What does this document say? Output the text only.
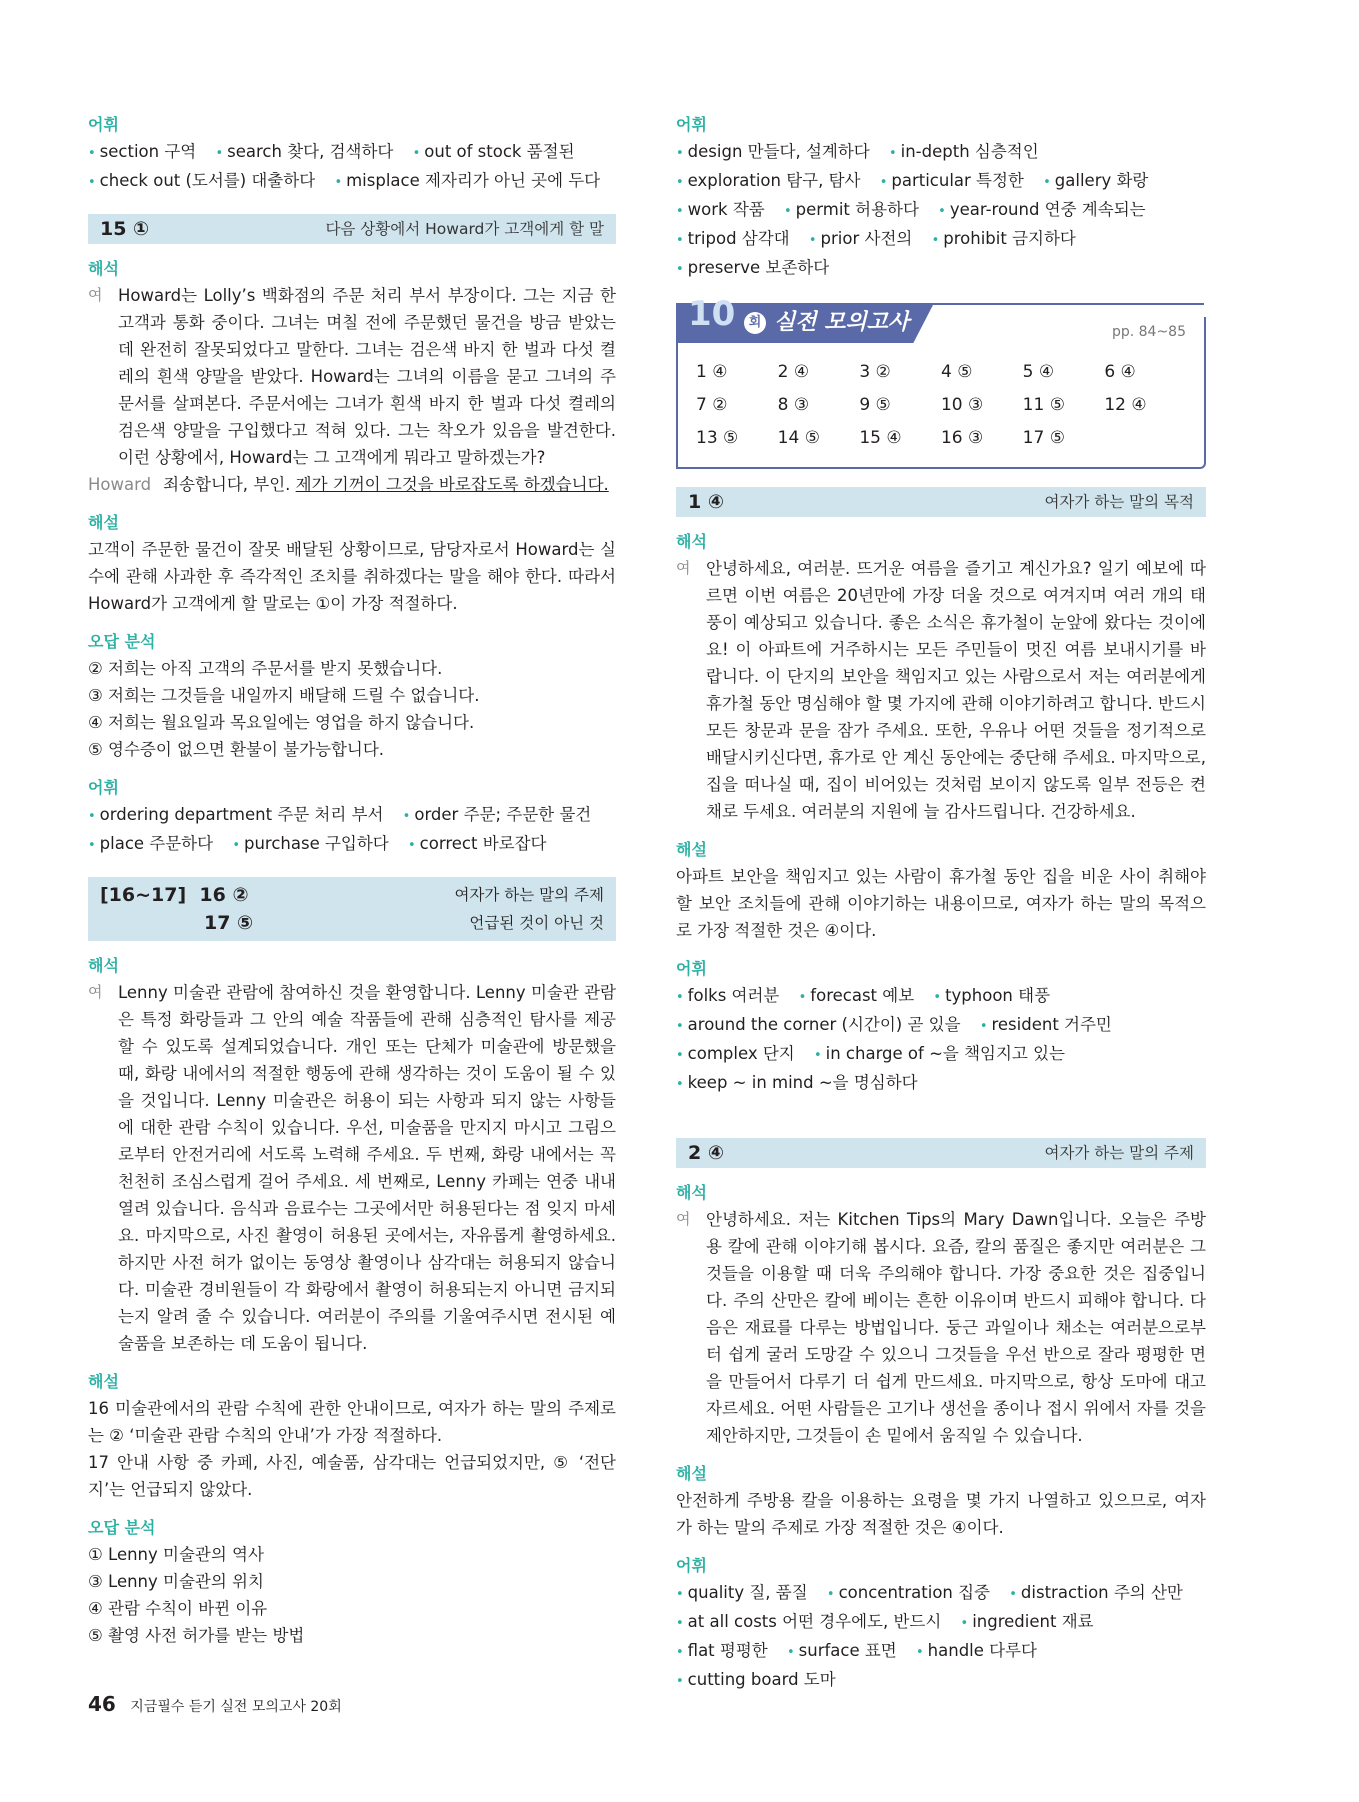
어휘
• section 구역 • search 찾다, 검색하다 • out of stock 품절된 • check out (도서를) 대출하다 • misplace 제자리가 아닌 곳에 두다
15 ①	다음 상황에서 Howard가 고객에게 할 말
해석
여 Howard는 Lolly’s 백화점의 주문 처리 부서 부장이다. 그는 지금 한 고객과 통화 중이다. 그녀는 며칠 전에 주문했던 물건을 방금 받았는데 완전히 잘못되었다고 말한다. 그녀는 검은색 바지 한 벌과 다섯 켤레의 흰색 양말을 받았다. Howard는 그녀의 이름을 묻고 그녀의 주문서를 살펴본다. 주문서에는 그녀가 흰색 바지 한 벌과 다섯 켤레의 검은색 양말을 구입했다고 적혀 있다. 그는 착오가 있음을 발견한다. 이런 상황에서, Howard는 그 고객에게 뭐라고 말하겠는가?
Howard 죄송합니다, 부인. 제가 기꺼이 그것을 바로잡도록 하겠습니다.
해설
고객이 주문한 물건이 잘못 배달된 상황이므로, 담당자로서 Howard는 실수에 관해 사과한 후 즉각적인 조치를 취하겠다는 말을 해야 한다. 따라서 Howard가 고객에게 할 말로는 ①이 가장 적절하다.
오답 분석
② 저희는 아직 고객의 주문서를 받지 못했습니다.
③ 저희는 그것들을 내일까지 배달해 드릴 수 없습니다.
④ 저희는 월요일과 목요일에는 영업을 하지 않습니다.
⑤ 영수증이 없으면 환불이 불가능합니다.
어휘
• ordering department 주문 처리 부서 • order 주문; 주문한 물건 • place 주문하다 • purchase 구입하다 • correct 바로잡다
[16~17] 16 ②	여자가 하는 말의 주제
17 ⑤	언급된 것이 아닌 것
해석
여 Lenny 미술관 관람에 참여하신 것을 환영합니다. Lenny 미술관 관람은 특정 화랑들과 그 안의 예술 작품들에 관해 심층적인 탐사를 제공할 수 있도록 설계되었습니다. 개인 또는 단체가 미술관에 방문했을 때, 화랑 내에서의 적절한 행동에 관해 생각하는 것이 도움이 될 수 있을 것입니다. Lenny 미술관은 허용이 되는 사항과 되지 않는 사항들에 대한 관람 수칙이 있습니다. 우선, 미술품을 만지지 마시고 그림으로부터 안전거리에 서도록 노력해 주세요. 두 번째, 화랑 내에서는 꼭 천천히 조심스럽게 걸어 주세요. 세 번째로, Lenny 카페는 연중 내내 열려 있습니다. 음식과 음료수는 그곳에서만 허용된다는 점 잊지 마세요. 마지막으로, 사진 촬영이 허용된 곳에서는, 자유롭게 촬영하세요. 하지만 사전 허가 없이는 동영상 촬영이나 삼각대는 허용되지 않습니다. 미술관 경비원들이 각 화랑에서 촬영이 허용되는지 아니면 금지되는지 알려 줄 수 있습니다. 여러분이 주의를 기울여주시면 전시된 예술품을 보존하는 데 도움이 됩니다.
해설
16 미술관에서의 관람 수칙에 관한 안내이므로, 여자가 하는 말의 주제로는 ② ‘미술관 관람 수칙의 안내’가 가장 적절하다.
17 안내 사항 중 카페, 사진, 예술품, 삼각대는 언급되었지만, ⑤ ‘전단지’는 언급되지 않았다.
오답 분석
① Lenny 미술관의 역사
③ Lenny 미술관의 위치
④ 관람 수칙이 바뀐 이유
⑤ 촬영 사전 허가를 받는 방법
어휘
• design 만들다, 설계하다 • in-depth 심층적인 • exploration 탐구, 탐사 • particular 특정한 • gallery 화랑 • work 작품 • permit 허용하다 • year-round 연중 계속되는 • tripod 삼각대 • prior 사전의 • prohibit 금지하다 • preserve 보존하다
10	회 실전 모의고사	pp. 84~85
1 ④	2 ④	3 ②	4 ⑤	5 ④	6 ④
7 ②	8 ③	9 ⑤	10 ③	11 ⑤	12 ④
13 ⑤	14 ⑤	15 ④	16 ③	17 ⑤
1 ④	여자가 하는 말의 목적
해석
여 안녕하세요, 여러분. 뜨거운 여름을 즐기고 계신가요? 일기 예보에 따르면 이번 여름은 20년만에 가장 더울 것으로 여겨지며 여러 개의 태풍이 예상되고 있습니다. 좋은 소식은 휴가철이 눈앞에 왔다는 것이에요! 이 아파트에 거주하시는 모든 주민들이 멋진 여름 보내시기를 바랍니다. 이 단지의 보안을 책임지고 있는 사람으로서 저는 여러분에게 휴가철 동안 명심해야 할 몇 가지에 관해 이야기하려고 합니다. 반드시 모든 창문과 문을 잠가 주세요. 또한, 우유나 어떤 것들을 정기적으로 배달시키신다면, 휴가로 안 계신 동안에는 중단해 주세요. 마지막으로, 집을 떠나실 때, 집이 비어있는 것처럼 보이지 않도록 일부 전등은 켠 채로 두세요. 여러분의 지원에 늘 감사드립니다. 건강하세요.
해설
아파트 보안을 책임지고 있는 사람이 휴가철 동안 집을 비운 사이 취해야 할 보안 조치들에 관해 이야기하는 내용이므로, 여자가 하는 말의 목적으로 가장 적절한 것은 ④이다.
어휘
• folks 여러분 • forecast 예보 • typhoon 태풍 • around the corner (시간이) 곧 있을 • resident 거주민 • complex 단지 • in charge of ~을 책임지고 있는 • keep ~ in mind ~을 명심하다
2 ④	여자가 하는 말의 주제
해석
여 안녕하세요. 저는 Kitchen Tips의 Mary Dawn입니다. 오늘은 주방용 칼에 관해 이야기해 봅시다. 요즘, 칼의 품질은 좋지만 여러분은 그것들을 이용할 때 더욱 주의해야 합니다. 가장 중요한 것은 집중입니다. 주의 산만은 칼에 베이는 흔한 이유이며 반드시 피해야 합니다. 다음은 재료를 다루는 방법입니다. 둥근 과일이나 채소는 여러분으로부터 쉽게 굴러 도망갈 수 있으니 그것들을 우선 반으로 잘라 평평한 면을 만들어서 다루기 더 쉽게 만드세요. 마지막으로, 항상 도마에 대고 자르세요. 어떤 사람들은 고기나 생선을 종이나 접시 위에서 자를 것을 제안하지만, 그것들이 손 밑에서 움직일 수 있습니다.
해설
안전하게 주방용 칼을 이용하는 요령을 몇 가지 나열하고 있으므로, 여자가 하는 말의 주제로 가장 적절한 것은 ④이다.
어휘
• quality 질, 품질 • concentration 집중 • distraction 주의 산만 • at all costs 어떤 경우에도, 반드시 • ingredient 재료 • flat 평평한 • surface 표면 • handle 다루다 • cutting board 도마
46 지금필수 듣기 실전 모의고사 20회
